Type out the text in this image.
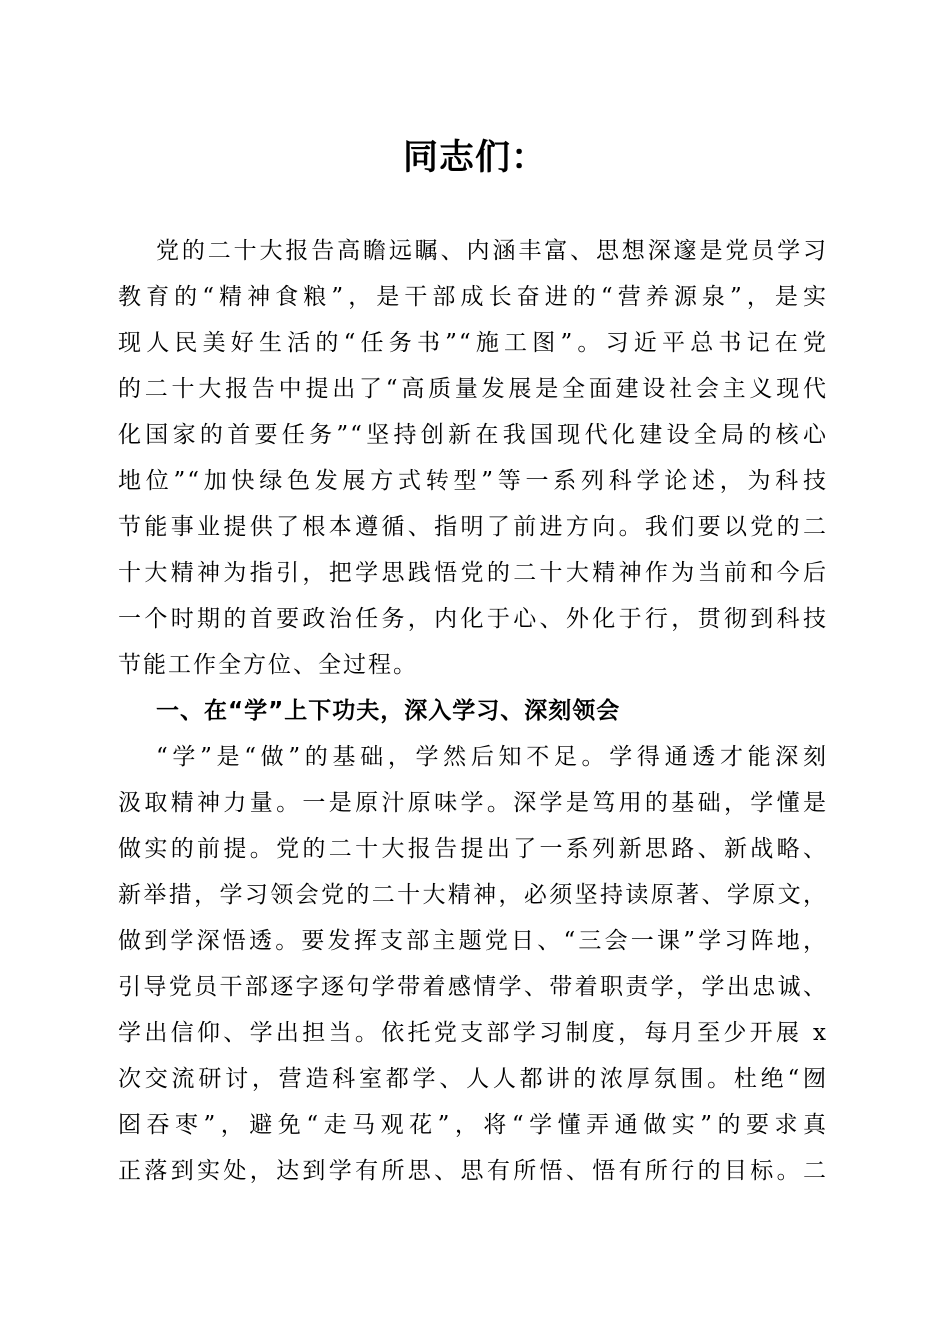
同志们：
党的二十大报告高瞻远瞩、内涵丰富、思想深邃是党员学习
教育的“精神食粮”，是干部成长奋进的“营养源泉”，是实
现人民美好生活的“任务书”“施工图”。习近平总书记在党
的二十大报告中提出了“高质量发展是全面建设社会主义现代
化国家的首要任务”“坚持创新在我国现代化建设全局的核心
地位”“加快绿色发展方式转型”等一系列科学论述，为科技
节能事业提供了根本遵循、指明了前进方向。我们要以党的二
十大精神为指引，把学思践悟党的二十大精神作为当前和今后
一个时期的首要政治任务，内化于心、外化于行，贯彻到科技
节能工作全方位、全过程。
一、在“学”上下功夫，深入学习、深刻领会
“学”是“做”的基础，学然后知不足。学得通透才能深刻
汲取精神力量。一是原汁原味学。深学是笃用的基础，学懂是
做实的前提。党的二十大报告提出了一系列新思路、新战略、
新举措，学习领会党的二十大精神，必须坚持读原著、学原文，
做到学深悟透。要发挥支部主题党日、“三会一课”学习阵地，
引导党员干部逐字逐句学带着感情学、带着职责学，学出忠诚、
学出信仰、学出担当。依托党支部学习制度，每月至少开展 x
次交流研讨，营造科室都学、人人都讲的浓厚氛围。杜绝“囫
囵吞枣”，避免“走马观花”，将“学懂弄通做实”的要求真
正落到实处，达到学有所思、思有所悟、悟有所行的目标。二
